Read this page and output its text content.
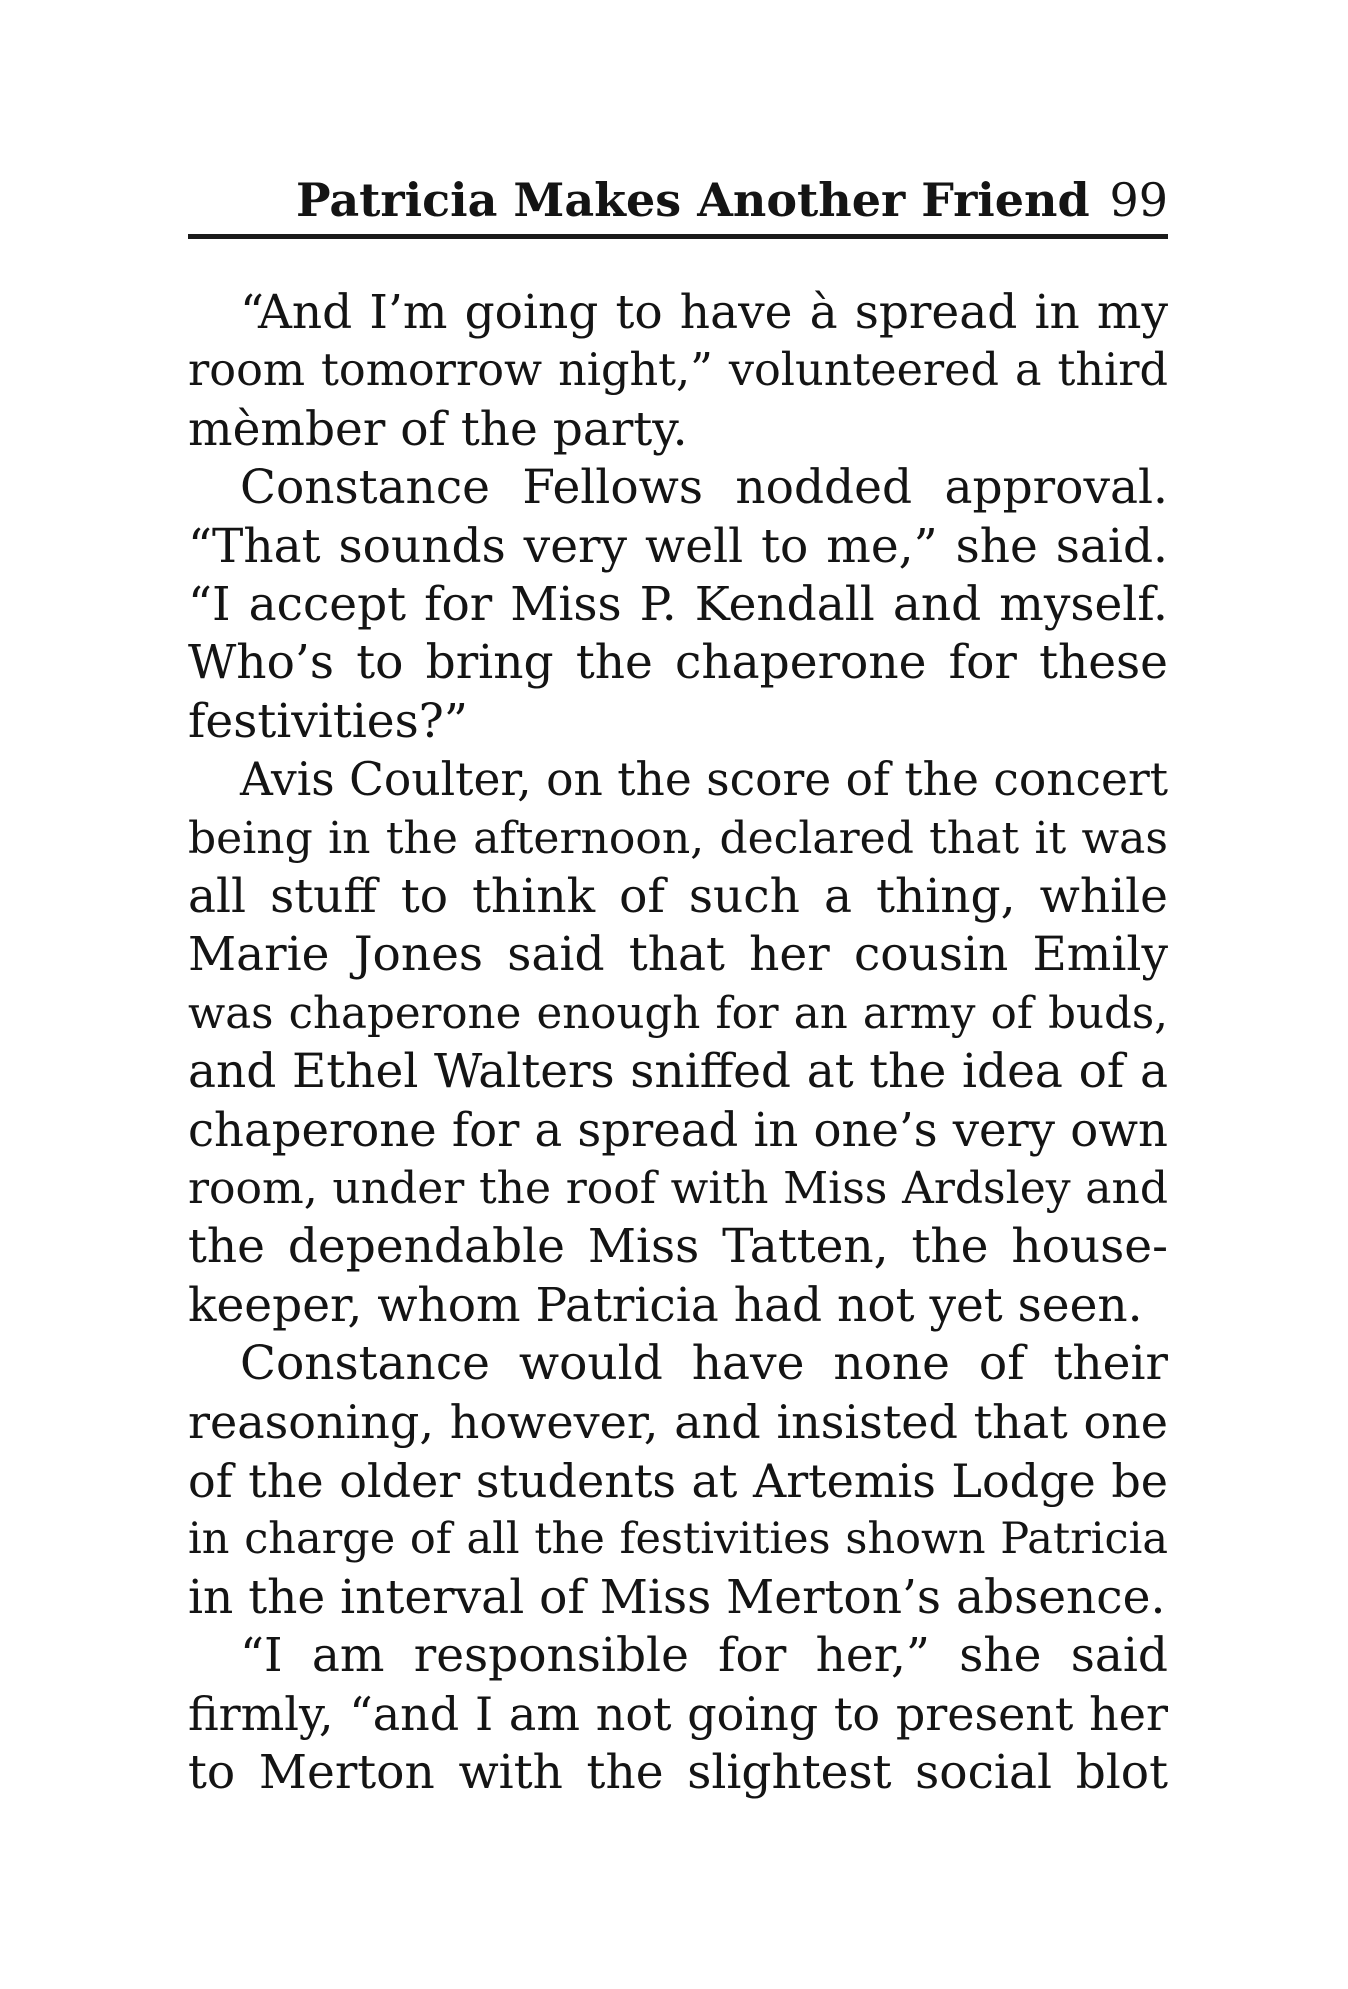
Patricia Makes Another Friend 99
“And I’m going to have à spread in my
room tomorrow night,” volunteered a third
mèmber of the party.
Constance Fellows nodded approval.
“That sounds very well to me,” she said.
“I accept for Miss P. Kendall and myself.
Who’s to bring the chaperone for these
festivities?”
Avis Coulter, on the score of the concert
being in the afternoon, declared that it was
all stuff to think of such a thing, while
Marie Jones said that her cousin Emily
was chaperone enough for an army of buds,
and Ethel Walters sniffed at the idea of a
chaperone for a spread in one’s very own
room, under the roof with Miss Ardsley and
the dependable Miss Tatten, the house-
keeper, whom Patricia had not yet seen.
Constance would have none of their
reasoning, however, and insisted that one
of the older students at Artemis Lodge be
in charge of all the festivities shown Patricia
in the interval of Miss Merton’s absence.
“I am responsible for her,” she said
firmly, “and I am not going to present her
to Merton with the slightest social blot
